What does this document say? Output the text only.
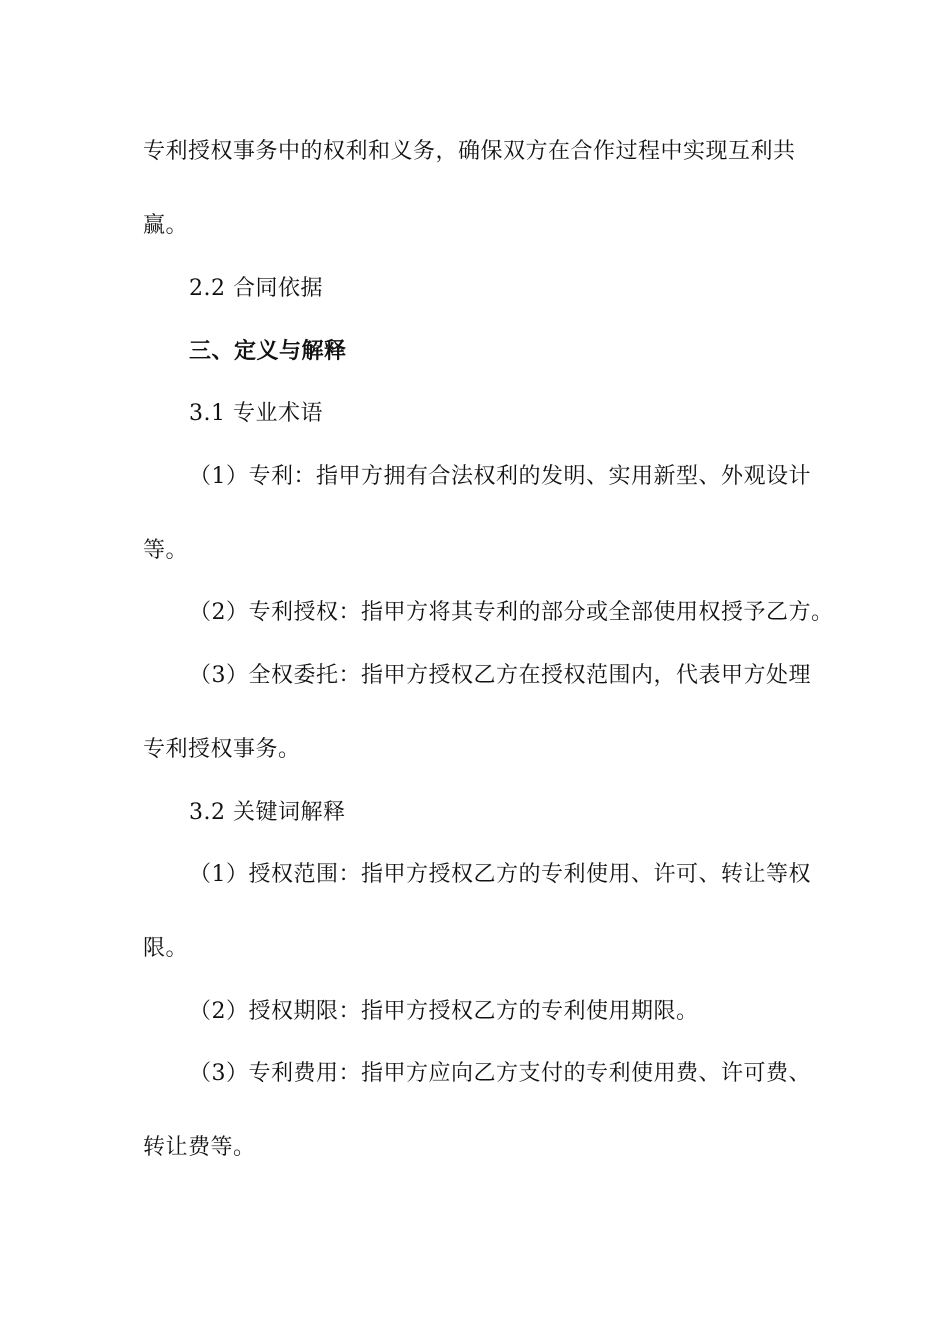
专利授权事务中的权利和义务，确保双方在合作过程中实现互利共
赢。
2.2 合同依据
三、定义与解释
3.1 专业术语
（1）专利：指甲方拥有合法权利的发明、实用新型、外观设计
等。
（2）专利授权：指甲方将其专利的部分或全部使用权授予乙方。
（3）全权委托：指甲方授权乙方在授权范围内，代表甲方处理
专利授权事务。
3.2 关键词解释
（1）授权范围：指甲方授权乙方的专利使用、许可、转让等权
限。
（2）授权期限：指甲方授权乙方的专利使用期限。
（3）专利费用：指甲方应向乙方支付的专利使用费、许可费、
转让费等。
